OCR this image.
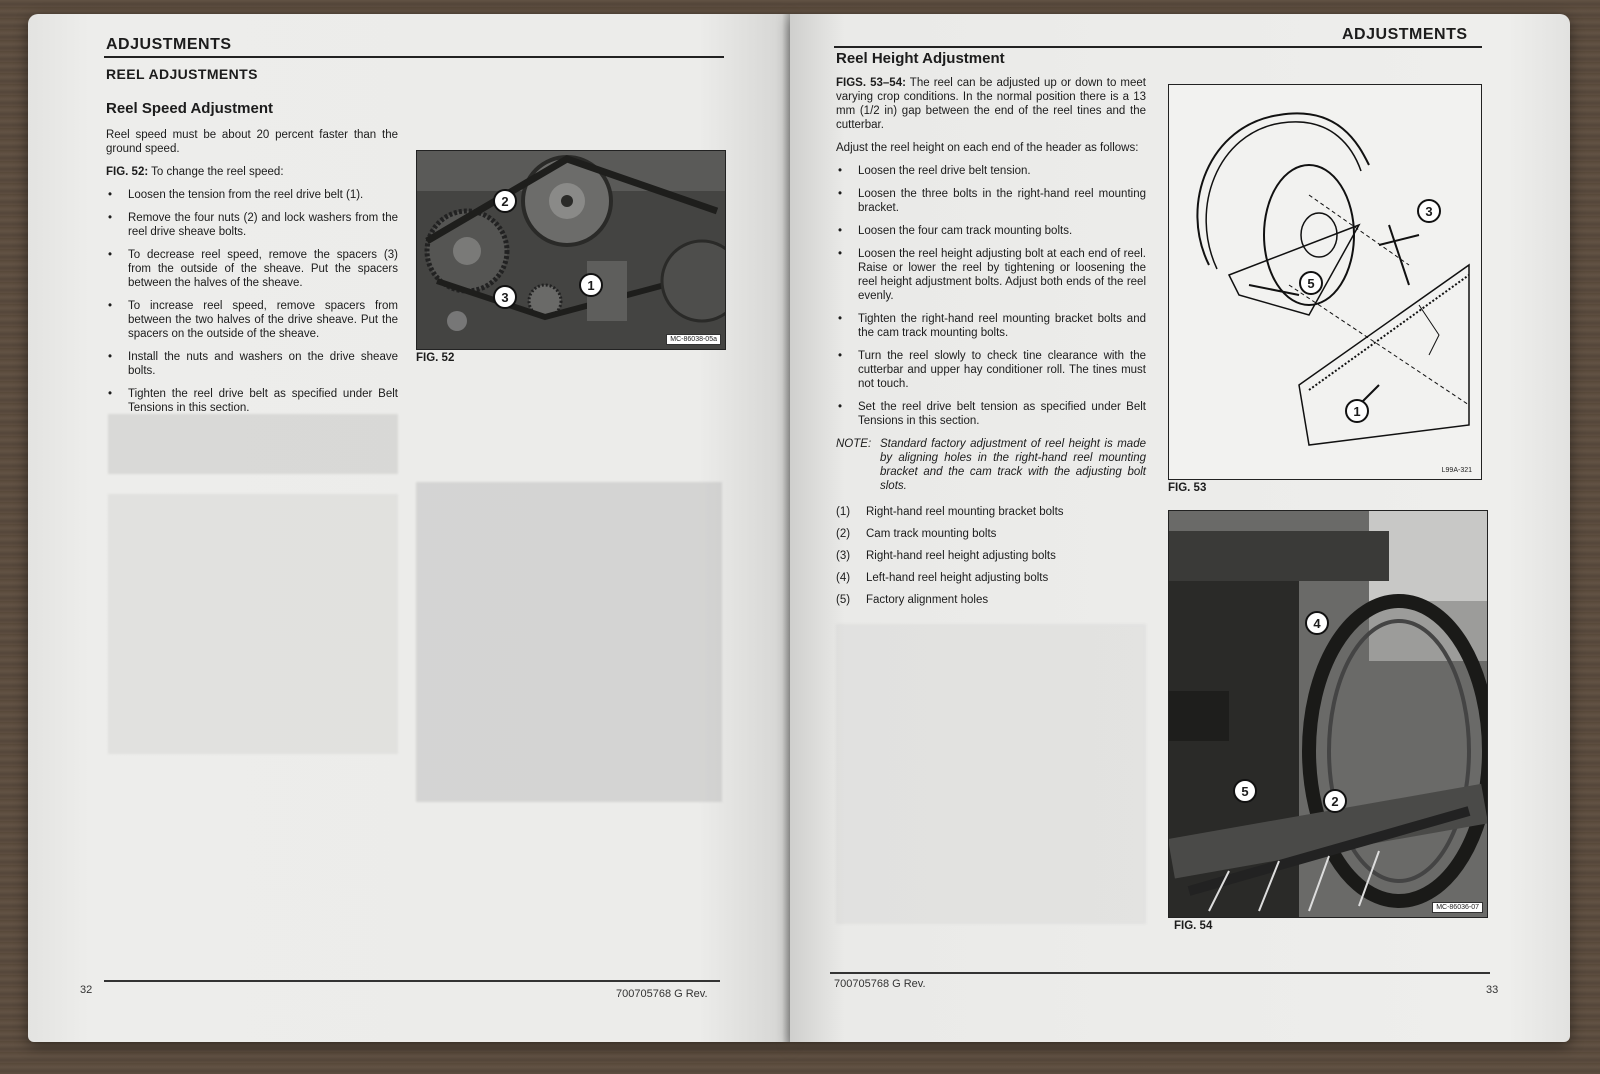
ADJUSTMENTS
REEL ADJUSTMENTS
Reel Speed Adjustment

Reel speed must be about 20 percent faster than the ground speed.

FIG. 52: To change the reel speed:

• Loosen the tension from the reel drive belt (1).
• Remove the four nuts (2) and lock washers from the reel drive sheave bolts.
• To decrease reel speed, remove the spacers (3) from the outside of the sheave. Put the spacers between the halves of the sheave.
• To increase reel speed, remove spacers from between the two halves of the drive sheave. Put the spacers on the outside of the sheave.
• Install the nuts and washers on the drive sheave bolts.
• Tighten the reel drive belt as specified under Belt Tensions in this section.
2
1
3
MC-86038-05a
FIG. 52
32	700705768 G Rev.
ADJUSTMENTS
Reel Height Adjustment

FIGS. 53–54: The reel can be adjusted up or down to meet varying crop conditions. In the normal position there is a 13 mm (1/2 in) gap between the end of the reel tines and the cutterbar.

Adjust the reel height on each end of the header as follows:

• Loosen the reel drive belt tension.
• Loosen the three bolts in the right-hand reel mounting bracket.
• Loosen the four cam track mounting bolts.
• Loosen the reel height adjusting bolt at each end of reel. Raise or lower the reel by tightening or loosening the reel height adjustment bolts. Adjust both ends of the reel evenly.
• Tighten the right-hand reel mounting bracket bolts and the cam track mounting bolts.
• Turn the reel slowly to check tine clearance with the cutterbar and upper hay conditioner roll. The tines must not touch.
• Set the reel drive belt tension as specified under Belt Tensions in this section.
NOTE: Standard factory adjustment of reel height is made by aligning holes in the right-hand reel mounting bracket and the cam track with the adjusting bolt slots.
(1)	Right-hand reel mounting bracket bolts
(2)	Cam track mounting bolts
(3)	Right-hand reel height adjusting bolts
(4)	Left-hand reel height adjusting bolts
(5)	Factory alignment holes
3
5
1
L99A-321
FIG. 53
4
5
2
MC-86036-07
FIG. 54
700705768 G Rev.	33
